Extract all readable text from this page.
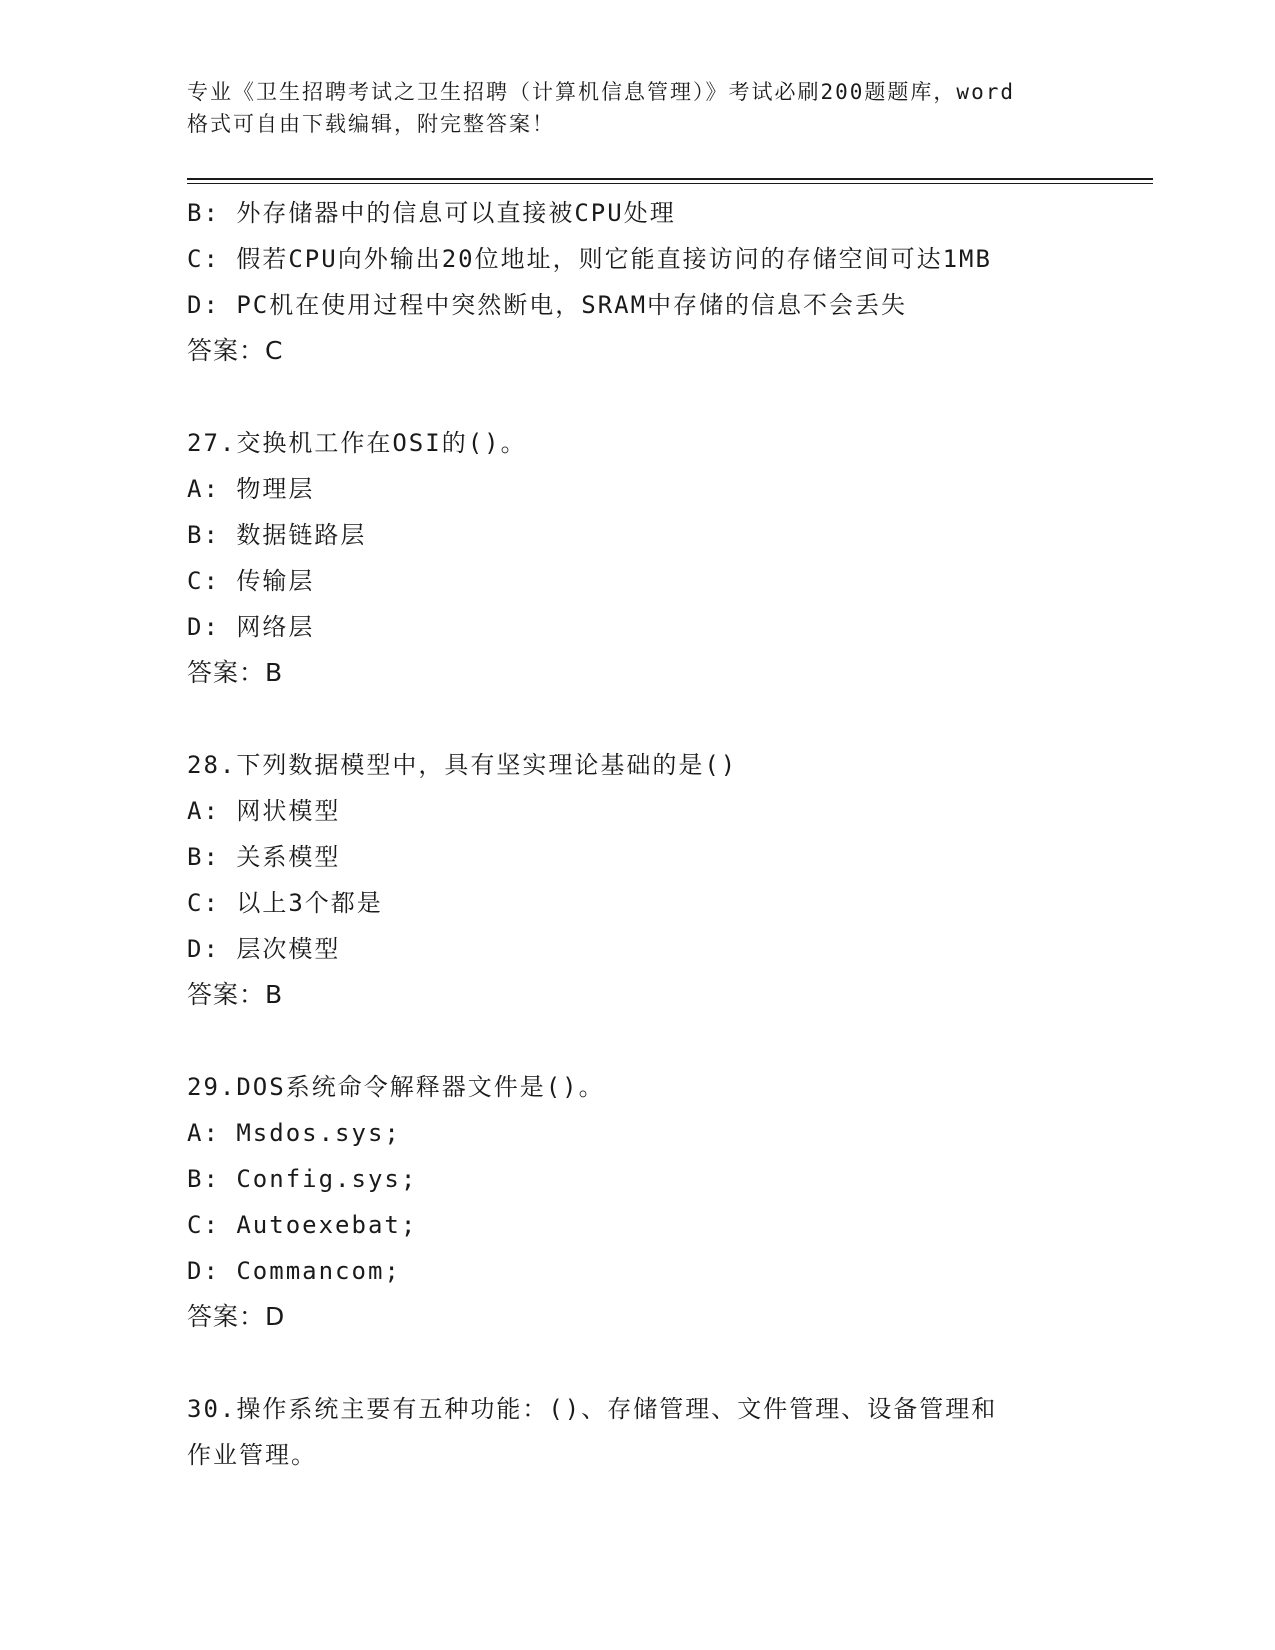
专业《卫生招聘考试之卫生招聘（计算机信息管理）》考试必刷200题题库，word
格式可自由下载编辑，附完整答案！
B: 外存储器中的信息可以直接被CPU处理
C: 假若CPU向外输出20位地址，则它能直接访问的存储空间可达1MB
D: PC机在使用过程中突然断电，SRAM中存储的信息不会丢失
答案：C
27.交换机工作在OSI的()。
A: 物理层
B: 数据链路层
C: 传输层
D: 网络层
答案：B
28.下列数据模型中，具有坚实理论基础的是()
A: 网状模型
B: 关系模型
C: 以上3个都是
D: 层次模型
答案：B
29.DOS系统命令解释器文件是()。
A: Msdos.sys;
B: Config.sys;
C: Autoexebat;
D: Commancom;
答案：D
30.操作系统主要有五种功能：()、存储管理、文件管理、设备管理和
作业管理。
